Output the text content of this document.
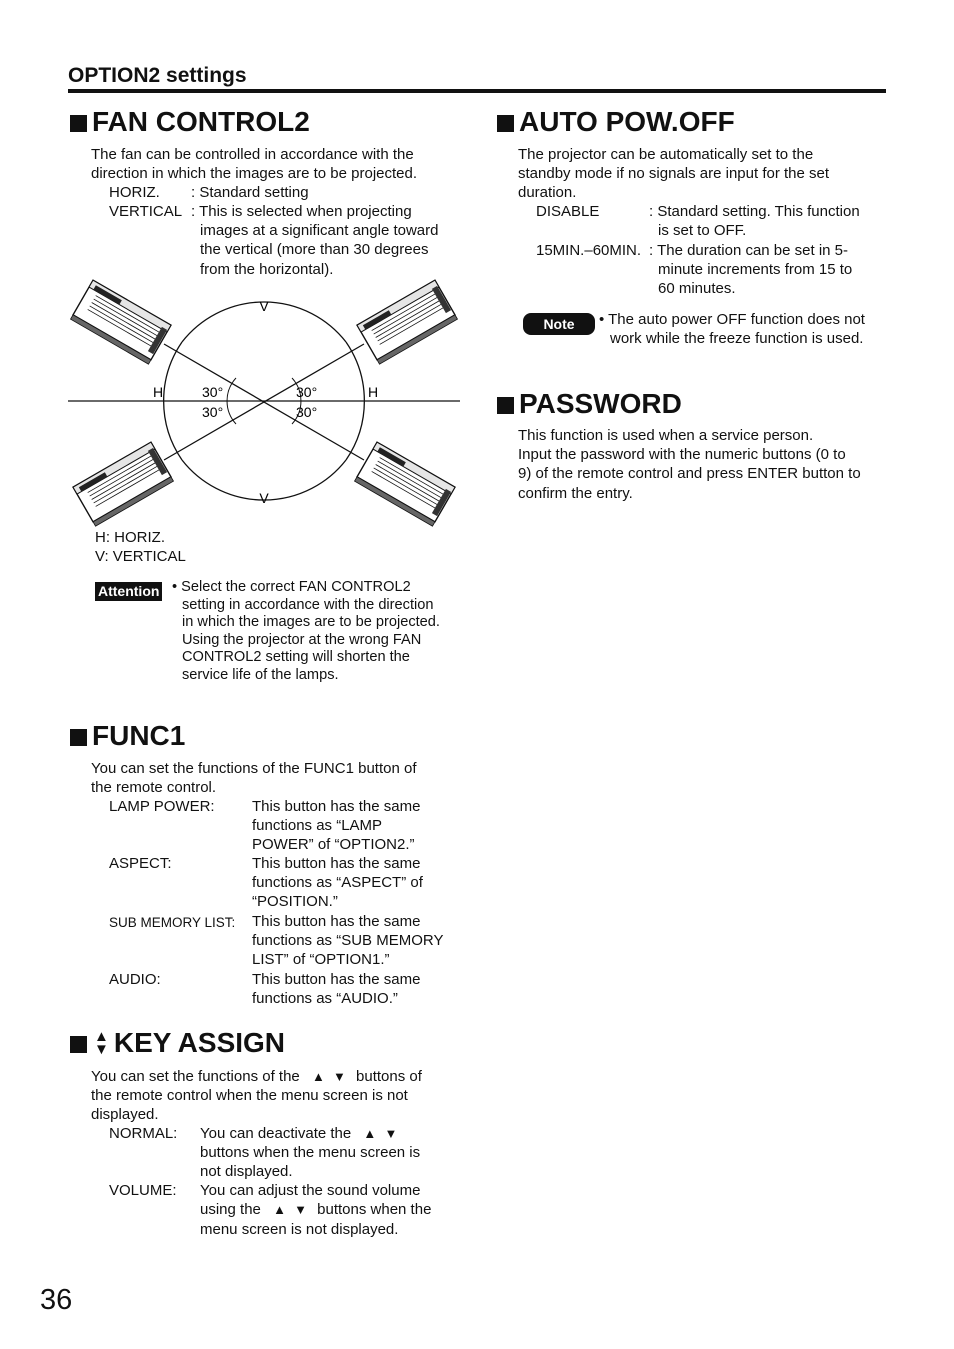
OPTION2 settings
FAN CONTROL2
The fan can be controlled in accordance with the
direction in which the images are to be projected.
HORIZ. : Standard setting
VERTICAL : This is selected when projecting
images at a significant angle toward
the vertical (more than 30 degrees
from the horizontal).
V
V
H	H
30°
30°
30°
30°
H: HORIZ.
V: VERTICAL
Attention • Select the correct FAN CONTROL2
setting in accordance with the direction
in which the images are to be projected.
Using the projector at the wrong FAN
CONTROL2 setting will shorten the
service life of the lamps.
FUNC1
You can set the functions of the FUNC1 button of
the remote control.
LAMP POWER: This button has the same
functions as “LAMP
POWER” of “OPTION2.”
ASPECT:	This button has the same
functions as “ASPECT” of
“POSITION.”
SUB MEMORY LIST: This button has the same
functions as “SUB MEMORY
LIST” of “OPTION1.”
AUDIO:	This button has the same
functions as “AUDIO.”
▲
▼ KEY ASSIGN
You can set the functions of the ▲ ▼ buttons of
the remote control when the menu screen is not
displayed.
NORMAL: You can deactivate the ▲ ▼
buttons when the menu screen is
not displayed.
VOLUME: You can adjust the sound volume
using the ▲ ▼ buttons when the
menu screen is not displayed.
AUTO POW.OFF
The projector can be automatically set to the
standby mode if no signals are input for the set
duration.
DISABLE	: Standard setting. This function
is set to OFF.
15MIN.–60MIN. : The duration can be set in 5-
minute increments from 15 to
60 minutes.
Note	• The auto power OFF function does not
work while the freeze function is used.
PASSWORD
This function is used when a service person.
Input the password with the numeric buttons (0 to
9) of the remote control and press ENTER button to
confirm the entry.
36
